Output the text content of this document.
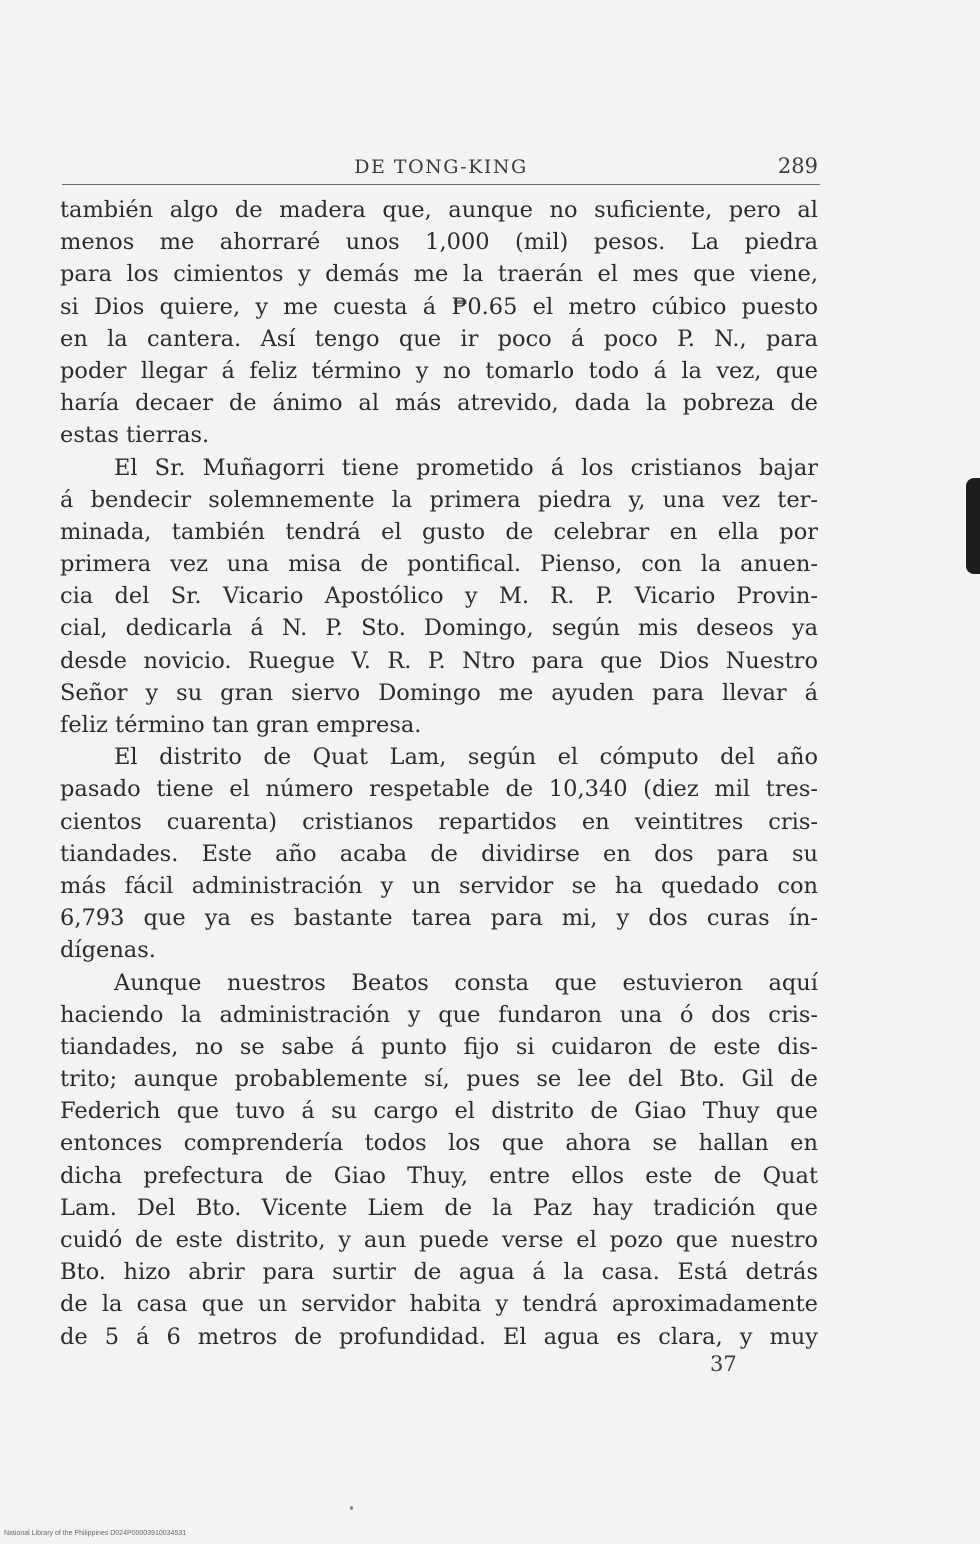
DE TONG-KING	289
también algo de madera que, aunque no suficiente, pero al
menos me ahorraré unos 1,000 (mil) pesos. La piedra
para los cimientos y demás me la traerán el mes que viene,
si Dios quiere, y me cuesta á ₱0.65 el metro cúbico puesto
en la cantera. Así tengo que ir poco á poco P. N., para
poder llegar á feliz término y no tomarlo todo á la vez, que
haría decaer de ánimo al más atrevido, dada la pobreza de
estas tierras.
El Sr. Muñagorri tiene prometido á los cristianos bajar
á bendecir solemnemente la primera piedra y, una vez ter-
minada, también tendrá el gusto de celebrar en ella por
primera vez una misa de pontifical. Pienso, con la anuen-
cia del Sr. Vicario Apostólico y M. R. P. Vicario Provin-
cial, dedicarla á N. P. Sto. Domingo, según mis deseos ya
desde novicio. Ruegue V. R. P. Ntro para que Dios Nuestro
Señor y su gran siervo Domingo me ayuden para llevar á
feliz término tan gran empresa.
El distrito de Quat Lam, según el cómputo del año
pasado tiene el número respetable de 10,340 (diez mil tres-
cientos cuarenta) cristianos repartidos en veintitres cris-
tiandades. Este año acaba de dividirse en dos para su
más fácil administración y un servidor se ha quedado con
6,793 que ya es bastante tarea para mi, y dos curas ín-
dígenas.
Aunque nuestros Beatos consta que estuvieron aquí
haciendo la administración y que fundaron una ó dos cris-
tiandades, no se sabe á punto fijo si cuidaron de este dis-
trito; aunque probablemente sí, pues se lee del Bto. Gil de
Federich que tuvo á su cargo el distrito de Giao Thuy que
entonces comprendería todos los que ahora se hallan en
dicha prefectura de Giao Thuy, entre ellos este de Quat
Lam. Del Bto. Vicente Liem de la Paz hay tradición que
cuidó de este distrito, y aun puede verse el pozo que nuestro
Bto. hizo abrir para surtir de agua á la casa. Está detrás
de la casa que un servidor habita y tendrá aproximadamente
de 5 á 6 metros de profundidad. El agua es clara, y muy
37
National Library of the Philippines D024P00003910034531
